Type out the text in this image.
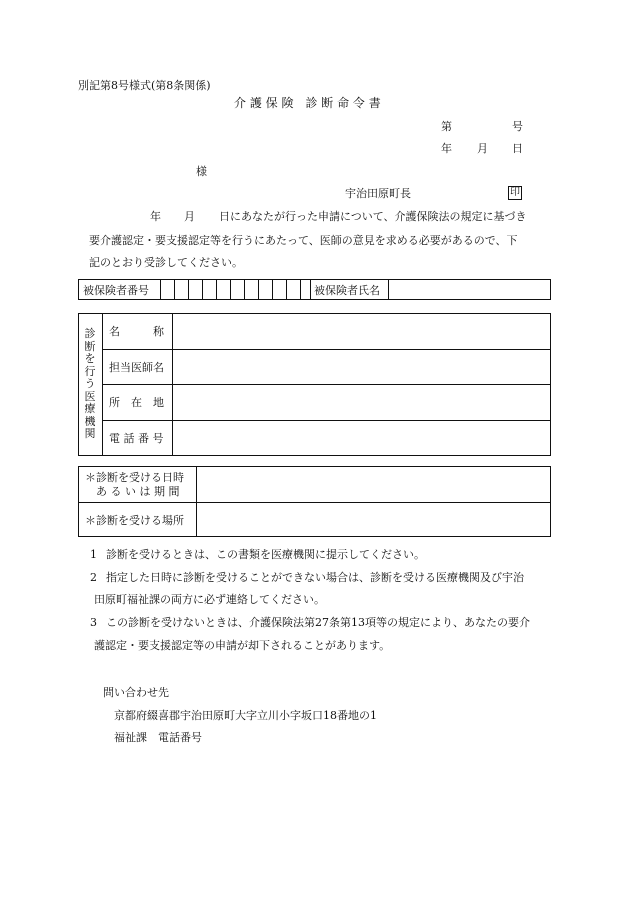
別記第8号様式(第8条関係)
介 護 保 険　診 断 命 令 書
第	号
年 月 日
様
宇治田原町長	印
年 月 日にあなたが行った申請について、介護保険法の規定に基づき
要介護認定・要支援認定等を行うにあたって、医師の意見を求める必要があるので、下
記のとおり受診してください。
被保険者番号	被保険者氏名
診断を行う医療機関
名　　　称
担当医師名
所　在　地
電 話 番 号
＊診断を受ける日時
あ る い は 期 間
＊診断を受ける場所
1 診断を受けるときは、この書類を医療機関に提示してください。
2 指定した日時に診断を受けることができない場合は、診断を受ける医療機関及び宇治
田原町福祉課の両方に必ず連絡してください。
3 この診断を受けないときは、介護保険法第27条第13項等の規定により、あなたの要介
護認定・要支援認定等の申請が却下されることがあります。
問い合わせ先
京都府綴喜郡宇治田原町大字立川小字坂口18番地の1
福祉課　電話番号
